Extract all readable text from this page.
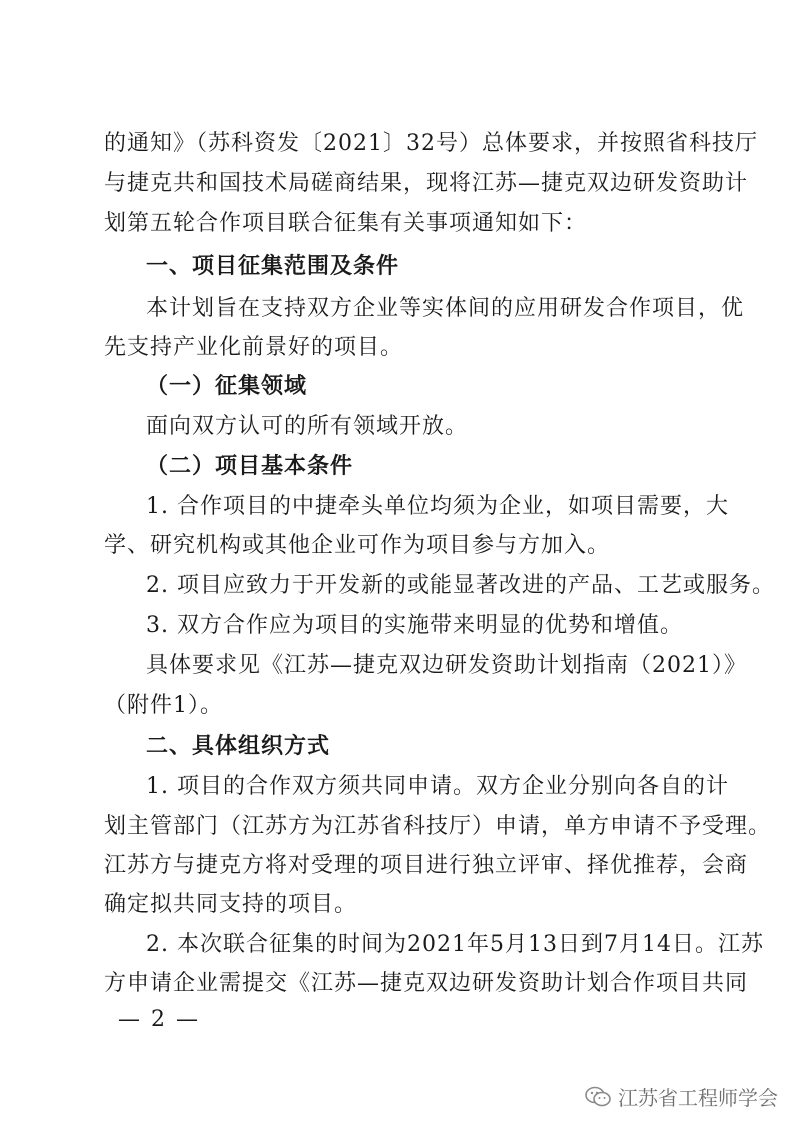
的通知》（苏科资发〔2021〕32号）总体要求，并按照省科技厅
与捷克共和国技术局磋商结果，现将江苏—捷克双边研发资助计
划第五轮合作项目联合征集有关事项通知如下：
一、项目征集范围及条件
本计划旨在支持双方企业等实体间的应用研发合作项目，优
先支持产业化前景好的项目。
（一）征集领域
面向双方认可的所有领域开放。
（二）项目基本条件
1. 合作项目的中捷牵头单位均须为企业，如项目需要，大
学、研究机构或其他企业可作为项目参与方加入。
2. 项目应致力于开发新的或能显著改进的产品、工艺或服务。
3. 双方合作应为项目的实施带来明显的优势和增值。
具体要求见《江苏—捷克双边研发资助计划指南（2021）》
（附件1）。
二、具体组织方式
1. 项目的合作双方须共同申请。双方企业分别向各自的计
划主管部门（江苏方为江苏省科技厅）申请，单方申请不予受理。
江苏方与捷克方将对受理的项目进行独立评审、择优推荐，会商
确定拟共同支持的项目。
2. 本次联合征集的时间为2021年5月13日到7月14日。江苏
方申请企业需提交《江苏—捷克双边研发资助计划合作项目共同
— 2 —
江苏省工程师学会
